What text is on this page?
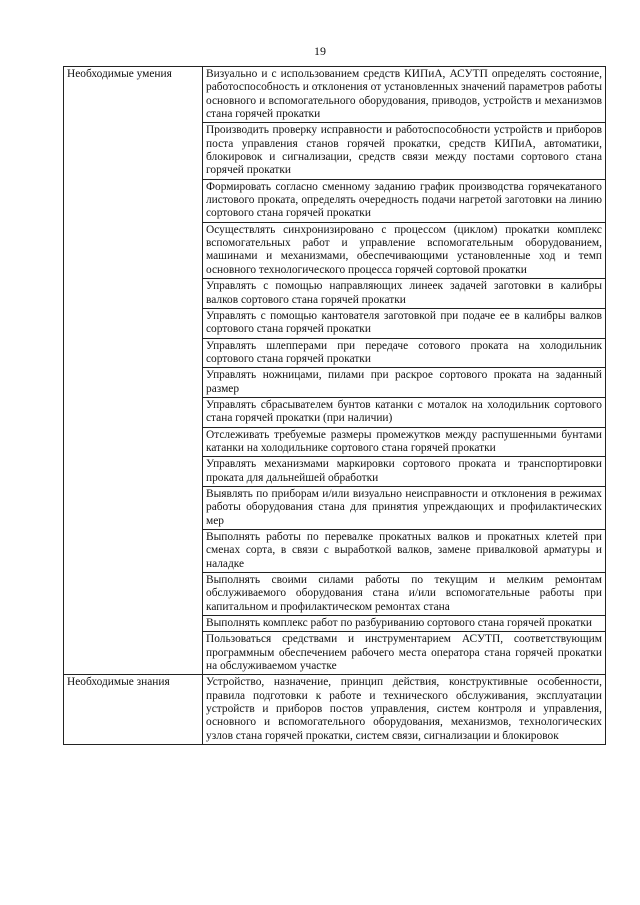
19
Необходимые умения	Визуально и с использованием средств КИПиА, АСУТП определять состояние, работоспособность и отклонения от установленных значений параметров работы основного и вспомогательного оборудования, приводов, устройств и механизмов стана горячей прокатки
	Производить проверку исправности и работоспособности устройств и приборов поста управления станов горячей прокатки, средств КИПиА, автоматики, блокировок и сигнализации, средств связи между постами сортового стана горячей прокатки
	Формировать согласно сменному заданию график производства горячекатаного листового проката, определять очередность подачи нагретой заготовки на линию сортового стана горячей прокатки
	Осуществлять синхронизировано с процессом (циклом) прокатки комплекс вспомогательных работ и управление вспомогательным оборудованием, машинами и механизмами, обеспечивающими установленные ход и темп основного технологического процесса горячей сортовой прокатки
	Управлять с помощью направляющих линеек задачей заготовки в калибры валков сортового стана горячей прокатки
	Управлять с помощью кантователя заготовкой при подаче ее в калибры валков сортового стана горячей прокатки
	Управлять шлепперами при передаче сотового проката на холодильник сортового стана горячей прокатки
	Управлять ножницами, пилами при раскрое сортового проката на заданный размер
	Управлять сбрасывателем бунтов катанки с моталок на холодильник сортового стана горячей прокатки (при наличии)
	Отслеживать требуемые размеры промежутков между распушенными бунтами катанки на холодильнике сортового стана горячей прокатки
	Управлять механизмами маркировки сортового проката и транспортировки проката для дальнейшей обработки
	Выявлять по приборам и/или визуально неисправности и отклонения в режимах работы оборудования стана для принятия упреждающих и профилактических мер
	Выполнять работы по перевалке прокатных валков и прокатных клетей при сменах сорта, в связи с выработкой валков, замене привалковой арматуры и наладке
	Выполнять своими силами работы по текущим и мелким ремонтам обслуживаемого оборудования стана и/или вспомогательные работы при капитальном и профилактическом ремонтах стана
	Выполнять комплекс работ по разбуриванию сортового стана горячей прокатки
	Пользоваться средствами и инструментарием АСУТП, соответствующим программным обеспечением рабочего места оператора стана горячей прокатки на обслуживаемом участке

Необходимые знания	Устройство, назначение, принцип действия, конструктивные особенности, правила подготовки к работе и технического обслуживания, эксплуатации устройств и приборов постов управления, систем контроля и управления, основного и вспомогательного оборудования, механизмов, технологических узлов стана горячей прокатки, систем связи, сигнализации и блокировок
